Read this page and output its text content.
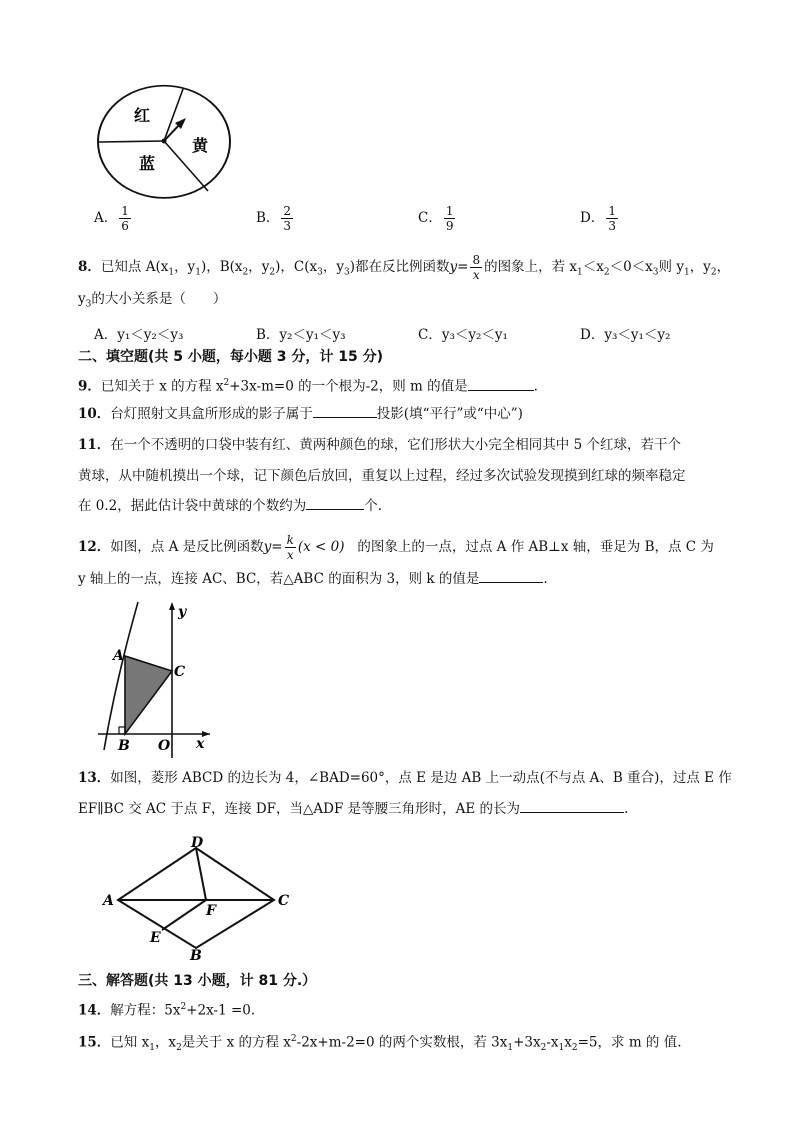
红
黄
蓝
A． $\frac{1}{6}$	B． $\frac{2}{3}$	C． $\frac{1}{9}$	D． $\frac{1}{3}$
8．已知点 $A(x_1$，$y_1$)，$B(x_2$，$y_2$)，$C(x_3$，$y_3$)都在反比例函数$y= \frac{8}{x}$ 的图象上，若 $x_1<x_2<0<x_3$则 $y_1$，$y_2$，
$y_3$的大小关系是（　　）
A．y₁＜y₂＜y₃	B．y₂＜y₁＜y₃	C．y₃＜y₂＜y₁	D．y₃＜y₁＜y₂
二、填空题(共 5 小题，每小题 3 分，计 15 分)
9．已知关于 x 的方程 $x^2+3x-m=0$ 的一个根为-2，则 m 的值是	.
10．台灯照射文具盒所形成的影子属于	投影(填“平行”或“中心”)
11．在一个不透明的口袋中装有红、黄两种颜色的球，它们形状大小完全相同其中 5 个红球，若干个
黄球，从中随机摸出一个球，记下颜色后放回，重复以上过程，经过多次试验发现摸到红球的频率稳定
在 0.2，据此估计袋中黄球的个数约为	个.
12．如图，点 A 是反比例函数$y= \frac{k}{x} (x < 0)$ 的图象上的一点，过点 A 作 AB⊥x 轴，垂足为 B，点 C 为
y 轴上的一点，连接 AC、BC，若△ABC 的面积为 3，则 k 的值是	.
A
B
C
O x
y
13．如图，菱形 ABCD 的边长为 4，∠BAD=60°，点 E 是边 AB 上一动点(不与点 A、B 重合)，过点 E 作
EF∥BC 交 AC 于点 F，连接 DF，当△ADF 是等腰三角形时，AE 的长为	.
D
A	C
F
E
B
三、解答题(共 13 小题，计 81 分.）
14．解方程：$5x^2+2x-1 =0$.
15．已知 $x_1$，$x_2$是关于 x 的方程 $x^2-2x+m-2=0$ 的两个实数根，若 $3x_1+3x_2-x_1x_2=5$，求 m 的 值.
